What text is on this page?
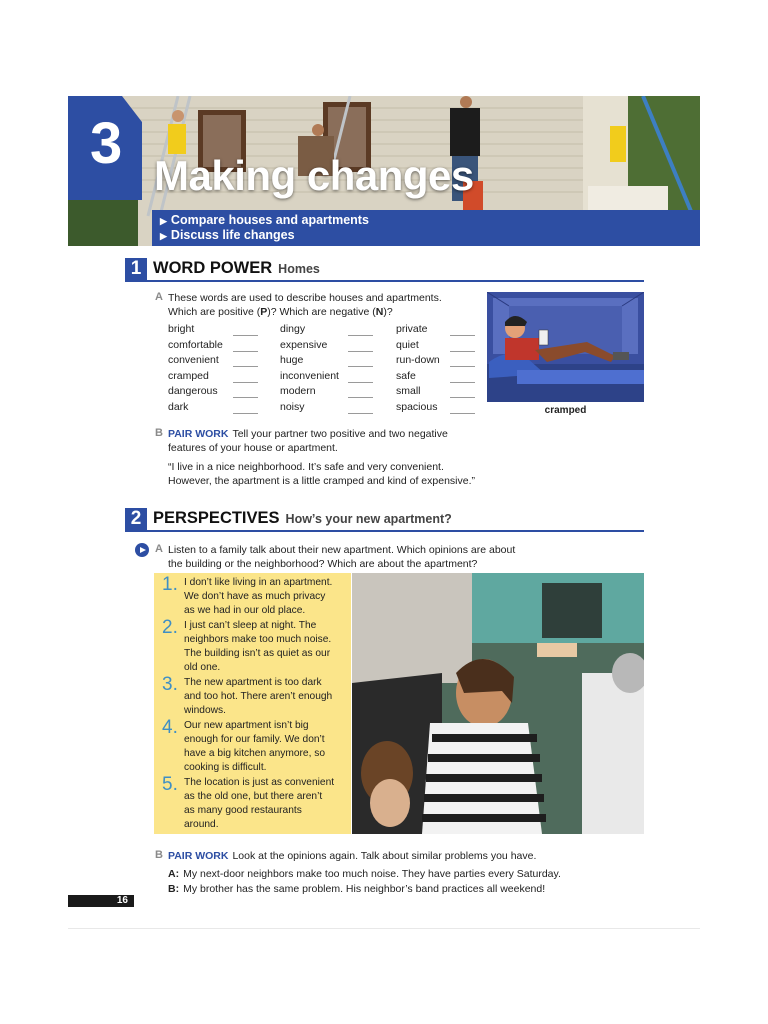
3 Making changes
▶ Compare houses and apartments
▶ Discuss life changes
1 WORD POWER Homes
A These words are used to describe houses and apartments.
Which are positive (P)? Which are negative (N)?
bright
comfortable
convenient
cramped
dangerous
dark
dingy
expensive
huge
inconvenient
modern
noisy
private
quiet
run-down
safe
small
spacious	cramped
B PAIR WORK Tell your partner two positive and two negative
features of your house or apartment.
“I live in a nice neighborhood. It’s safe and very convenient.
However, the apartment is a little cramped and kind of expensive.”
2 PERSPECTIVES How’s your new apartment?
A Listen to a family talk about their new apartment. Which opinions are about
the building or the neighborhood? Which are about the apartment?
1. I don’t like living in an apartment.
We don’t have as much privacy
as we had in our old place.
2. I just can’t sleep at night. The
neighbors make too much noise.
The building isn’t as quiet as our
old one.
3. The new apartment is too dark
and too hot. There aren’t enough
windows.
4. Our new apartment isn’t big
enough for our family. We don’t
have a big kitchen anymore, so
cooking is difficult.
5. The location is just as convenient
as the old one, but there aren’t
as many good restaurants
around.
B PAIR WORK Look at the opinions again. Talk about similar problems you have.
A: My next-door neighbors make too much noise. They have parties every Saturday.
B: My brother has the same problem. His neighbor’s band practices all weekend!
16
